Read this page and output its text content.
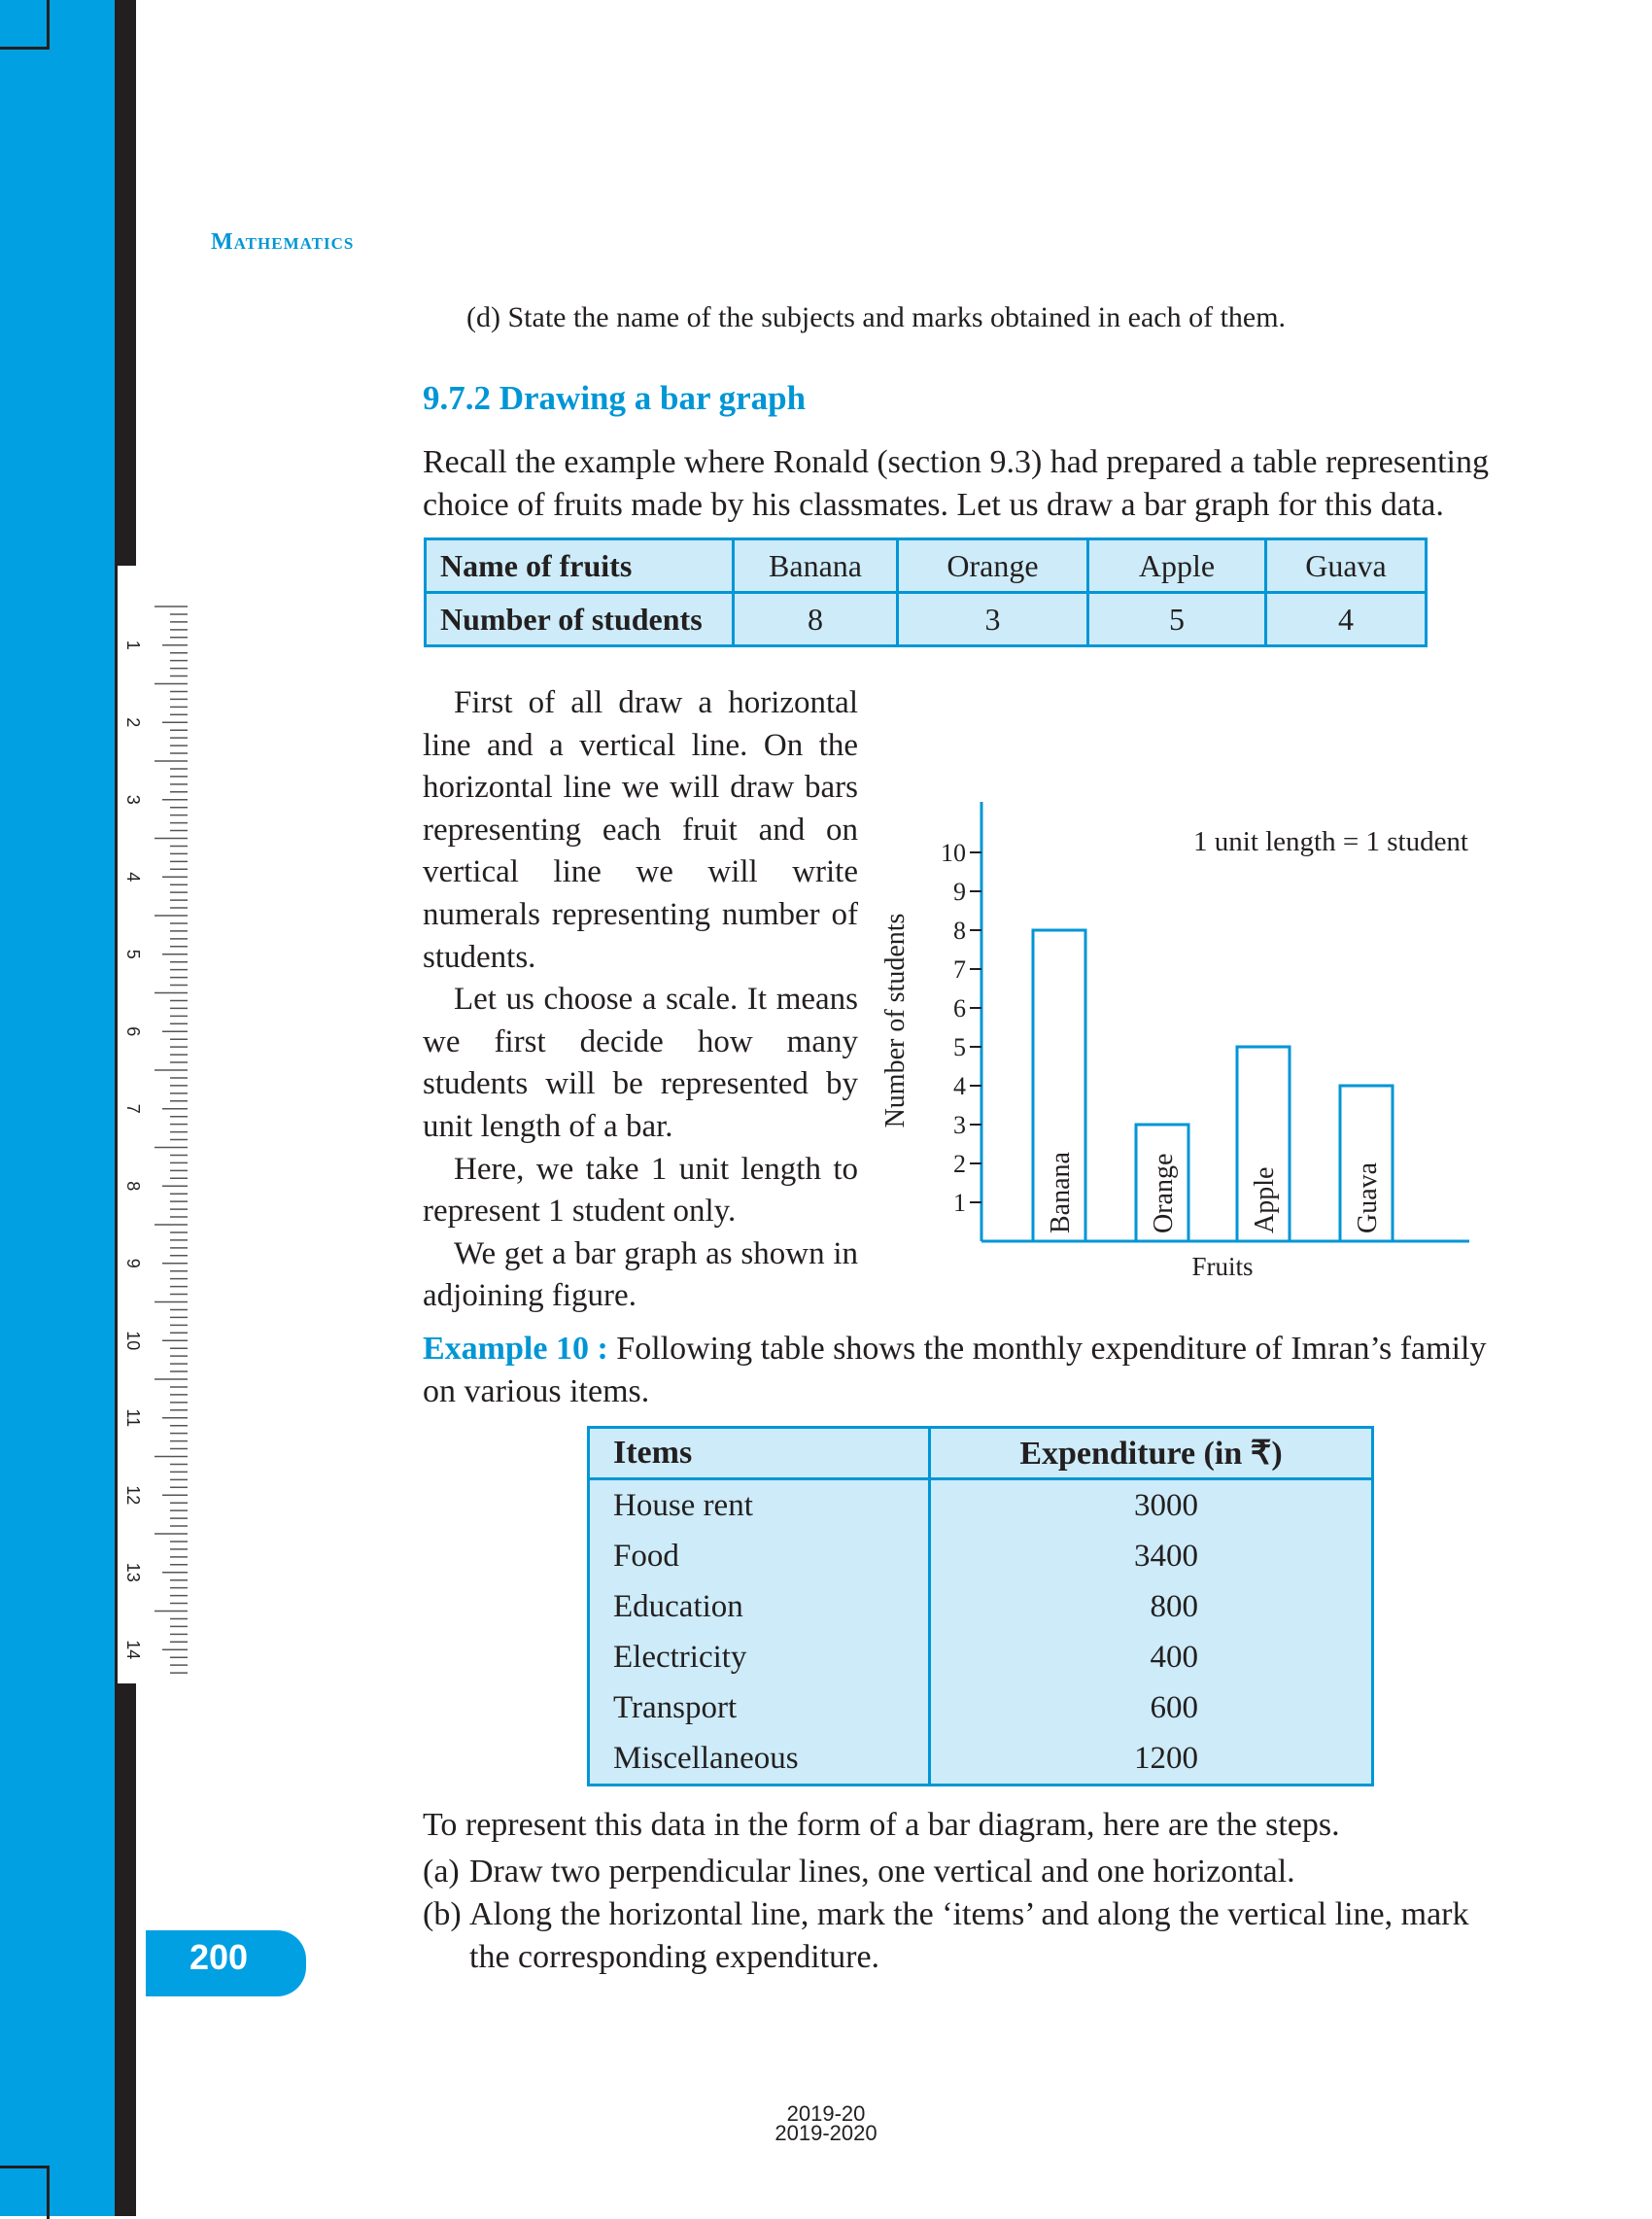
1
2
3
4
5
6
7
8
9
10
11
12
13
14
Mathematics
(d) State the name of the subjects and marks obtained in each of them.
9.7.2 Drawing a bar graph
Recall the example where Ronald (section 9.3) had prepared a table representing choice of fruits made by his classmates. Let us draw a bar graph for this data.
Name of fruits	Banana	Orange	Apple	Guava
Number of students	8	3	5	4

First of all draw a horizontal line and a vertical line. On the horizontal line we will draw bars representing each fruit and on vertical line we will write numerals representing number of students.

Let us choose a scale. It means we first decide how many students will be represented by unit length of a bar.

Here, we take 1 unit length to represent 1 student only.

We get a bar graph as shown in adjoining figure.

1
2
3
4
5
6
7
8
9
10
Banana	Orange	Apple	Guava
Fruits
Number of students
1 unit length = 1 student
Example 10 : Following table shows the monthly expenditure of Imran’s family on various items.
Items	Expenditure (in ₹)
House rent	3000
Food	3400
Education	800
Electricity	400
Transport	600
Miscellaneous	1200
To represent this data in the form of a bar diagram, here are the steps.
(a) Draw two perpendicular lines, one vertical and one horizontal.
(b) Along the horizontal line, mark the ‘items’ and along the vertical line, mark the corresponding expenditure.
200
2019-20
2019-2020
